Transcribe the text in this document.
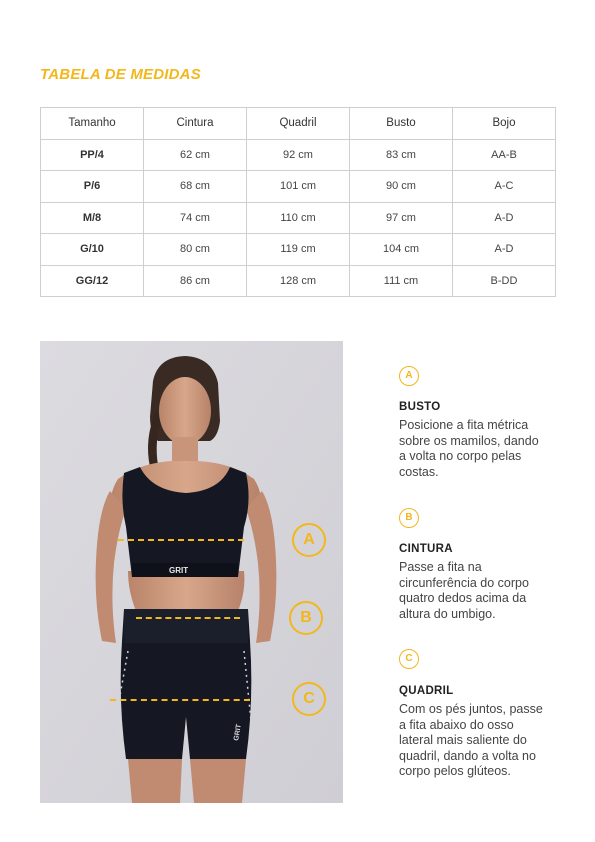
TABELA DE MEDIDAS
Tamanho	Cintura	Quadril	Busto	Bojo
PP/4	62 cm	92 cm	83 cm	AA-B
P/6	68 cm	101 cm	90 cm	A-C
M/8	74 cm	110 cm	97 cm	A-D
G/10	80 cm	119 cm	104 cm	A-D
GG/12	86 cm	128 cm	111 cm	B-DD
GRIT
GRIT
A
B
C
A
BUSTO
Posicione a fita métrica sobre os mamilos, dando a volta no corpo pelas costas.
B
CINTURA
Passe a fita na circunferência do corpo quatro dedos acima da altura do umbigo.
C
QUADRIL
Com os pés juntos, passe a fita abaixo do osso lateral mais saliente do quadril, dando a volta no corpo pelos glúteos.
